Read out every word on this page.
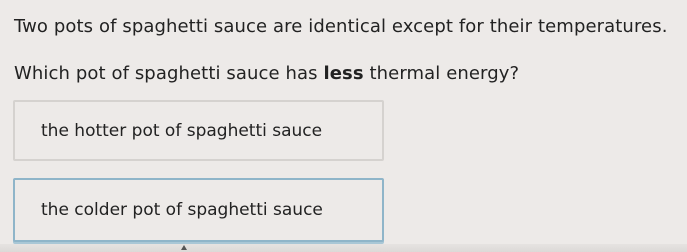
Two pots of spaghetti sauce are identical except for their temperatures.

Which pot of spaghetti sauce has less thermal energy?

the hotter pot of spaghetti sauce
the colder pot of spaghetti sauce
